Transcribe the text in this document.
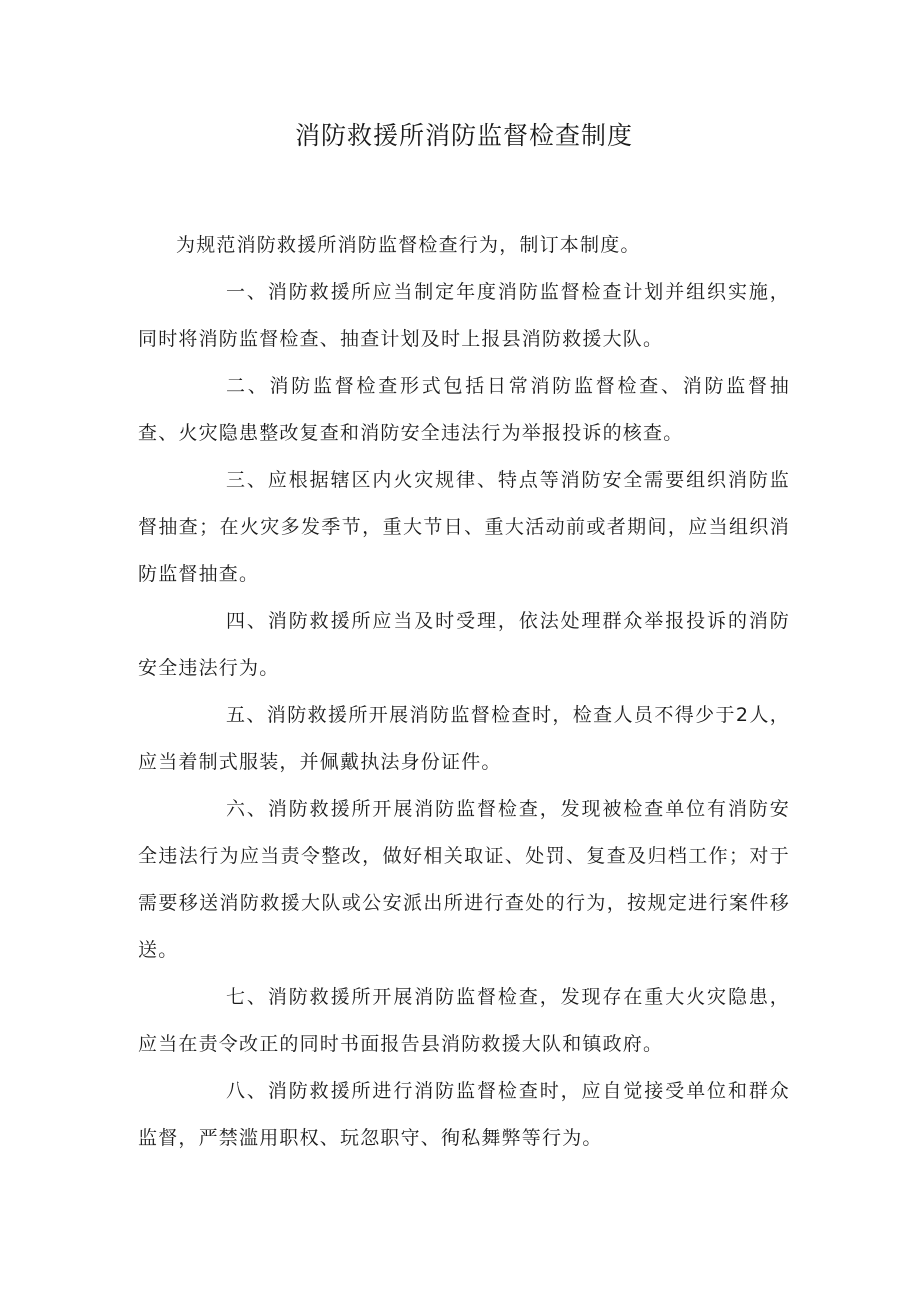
消防救援所消防监督检查制度

为规范消防救援所消防监督检查行为，制订本制度。

一、消防救援所应当制定年度消防监督检查计划并组织实施，同时将消防监督检查、抽查计划及时上报县消防救援大队。

二、消防监督检查形式包括日常消防监督检查、消防监督抽查、火灾隐患整改复查和消防安全违法行为举报投诉的核查。

三、应根据辖区内火灾规律、特点等消防安全需要组织消防监督抽查；在火灾多发季节，重大节日、重大活动前或者期间，应当组织消防监督抽查。

四、消防救援所应当及时受理，依法处理群众举报投诉的消防安全违法行为。

五、消防救援所开展消防监督检查时，检查人员不得少于2人，应当着制式服装，并佩戴执法身份证件。

六、消防救援所开展消防监督检查，发现被检查单位有消防安全违法行为应当责令整改，做好相关取证、处罚、复查及归档工作；对于需要移送消防救援大队或公安派出所进行查处的行为，按规定进行案件移送。

七、消防救援所开展消防监督检查，发现存在重大火灾隐患，应当在责令改正的同时书面报告县消防救援大队和镇政府。

八、消防救援所进行消防监督检查时，应自觉接受单位和群众监督，严禁滥用职权、玩忽职守、徇私舞弊等行为。
